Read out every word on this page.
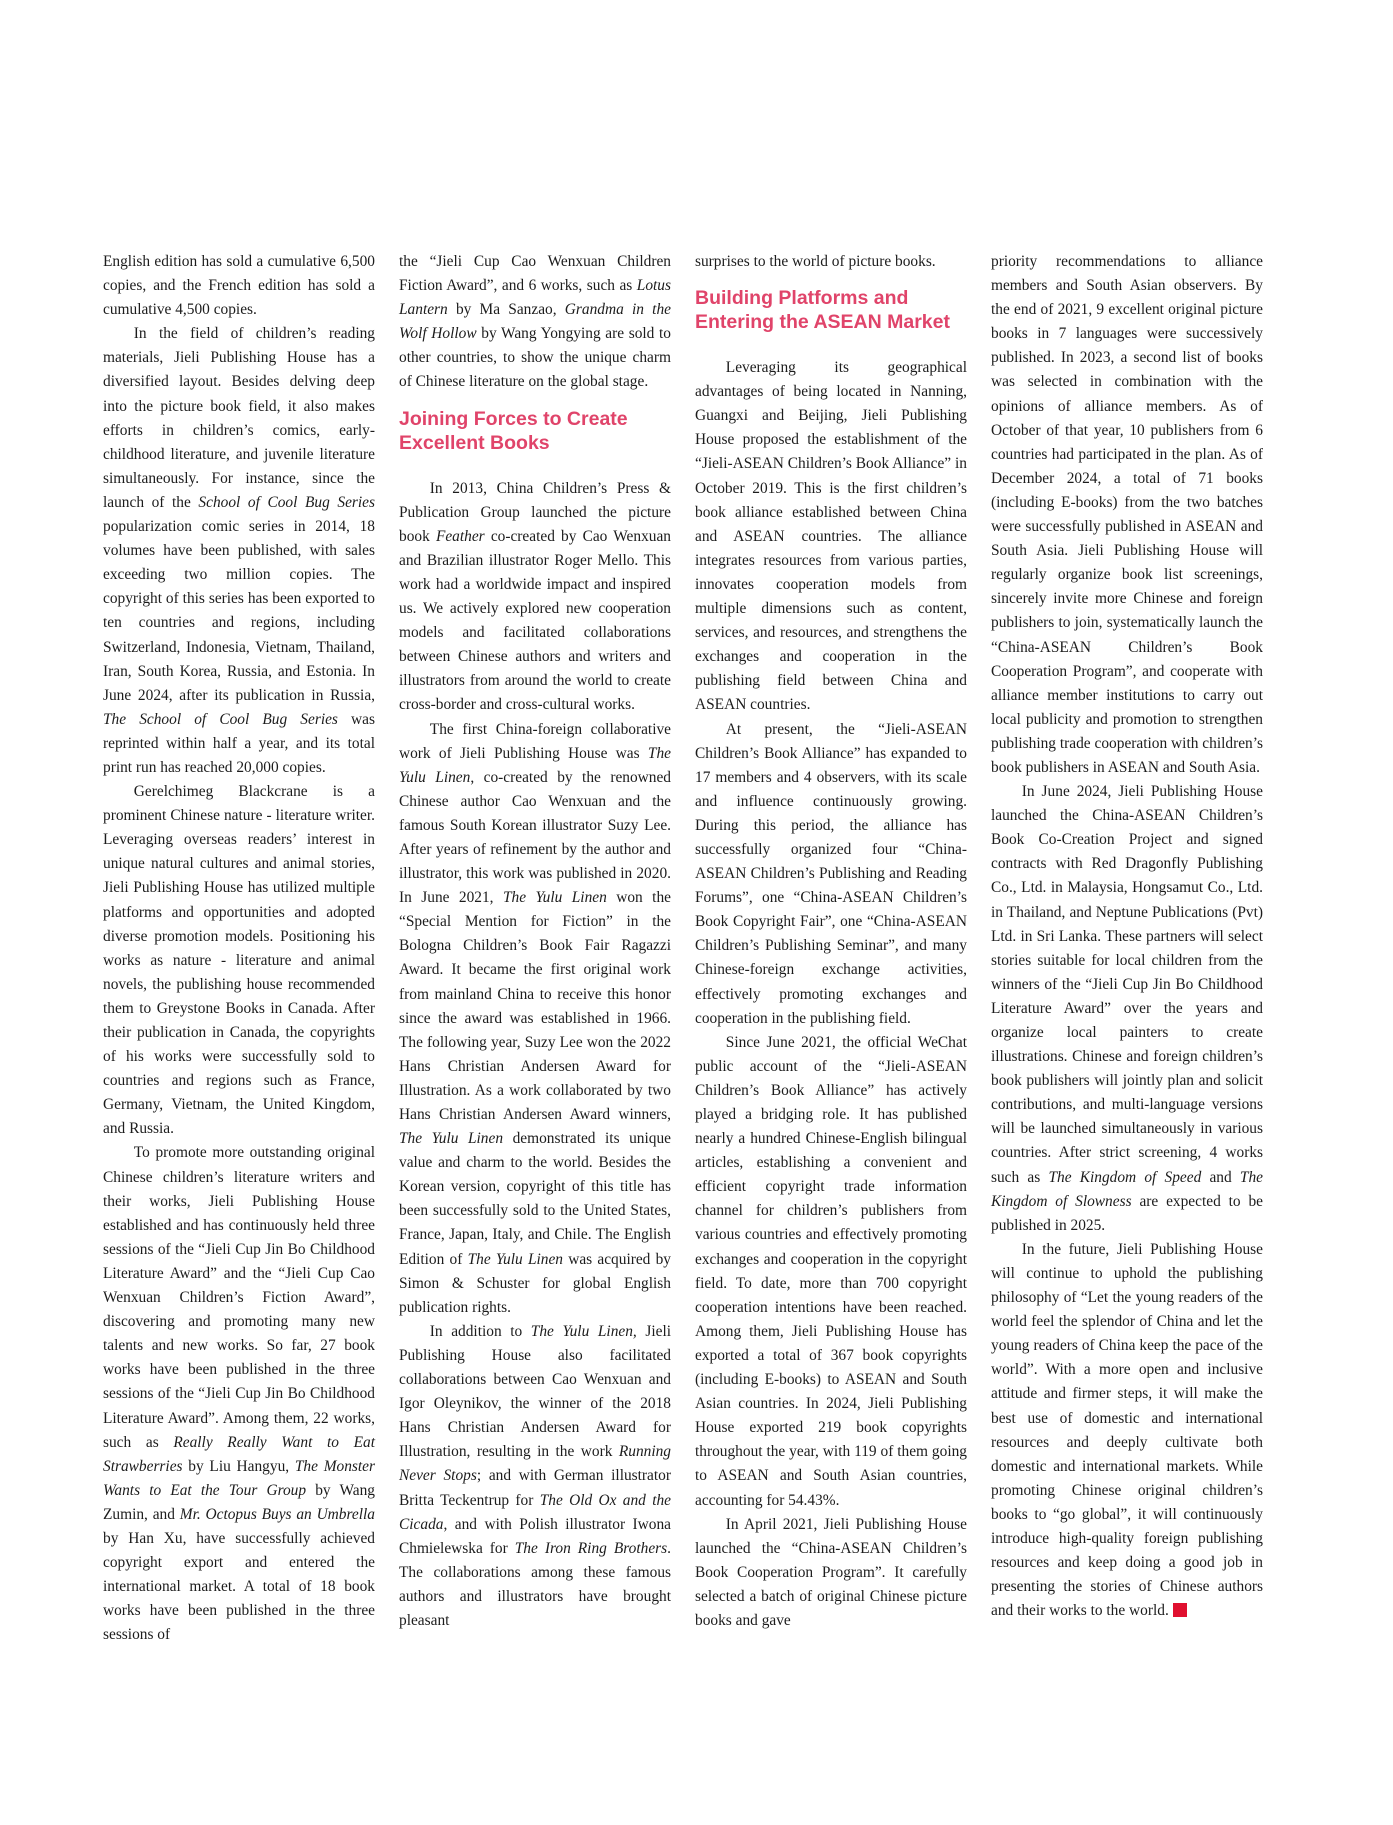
English edition has sold a cumulative 6,500 copies, and the French edition has sold a cumulative 4,500 copies.

In the field of children’s reading materials, Jieli Publishing House has a diversified layout. Besides delving deep into the picture book field, it also makes efforts in children’s comics, early-childhood literature, and juvenile literature simultaneously. For instance, since the launch of the School of Cool Bug Series popularization comic series in 2014, 18 volumes have been published, with sales exceeding two million copies. The copyright of this series has been exported to ten countries and regions, including Switzerland, Indonesia, Vietnam, Thailand, Iran, South Korea, Russia, and Estonia. In June 2024, after its publication in Russia, The School of Cool Bug Series was reprinted within half a year, and its total print run has reached 20,000 copies.

Gerelchimeg Blackcrane is a prominent Chinese nature - literature writer. Leveraging overseas readers’ interest in unique natural cultures and animal stories, Jieli Publishing House has utilized multiple platforms and opportunities and adopted diverse promotion models. Positioning his works as nature - literature and animal novels, the publishing house recommended them to Greystone Books in Canada. After their publication in Canada, the copyrights of his works were successfully sold to countries and regions such as France, Germany, Vietnam, the United Kingdom, and Russia.

To promote more outstanding original Chinese children’s literature writers and their works, Jieli Publishing House established and has continuously held three sessions of the “Jieli Cup Jin Bo Childhood Literature Award” and the “Jieli Cup Cao Wenxuan Children’s Fiction Award”, discovering and promoting many new talents and new works. So far, 27 book works have been published in the three sessions of the “Jieli Cup Jin Bo Childhood Literature Award”. Among them, 22 works, such as Really Really Want to Eat Strawberries by Liu Hangyu, The Monster Wants to Eat the Tour Group by Wang Zumin, and Mr. Octopus Buys an Umbrella by Han Xu, have successfully achieved copyright export and entered the international market. A total of 18 book works have been published in the three sessions of

the “Jieli Cup Cao Wenxuan Children Fiction Award”, and 6 works, such as Lotus Lantern by Ma Sanzao, Grandma in the Wolf Hollow by Wang Yongying are sold to other countries, to show the unique charm of Chinese literature on the global stage.

Joining Forces to Create Excellent Books

In 2013, China Children’s Press & Publication Group launched the picture book Feather co-created by Cao Wenxuan and Brazilian illustrator Roger Mello. This work had a worldwide impact and inspired us. We actively explored new cooperation models and facilitated collaborations between Chinese authors and writers and illustrators from around the world to create cross-border and cross-cultural works.

The first China-foreign collaborative work of Jieli Publishing House was The Yulu Linen, co-created by the renowned Chinese author Cao Wenxuan and the famous South Korean illustrator Suzy Lee. After years of refinement by the author and illustrator, this work was published in 2020. In June 2021, The Yulu Linen won the “Special Mention for Fiction” in the Bologna Children’s Book Fair Ragazzi Award. It became the first original work from mainland China to receive this honor since the award was established in 1966. The following year, Suzy Lee won the 2022 Hans Christian Andersen Award for Illustration. As a work collaborated by two Hans Christian Andersen Award winners, The Yulu Linen demonstrated its unique value and charm to the world. Besides the Korean version, copyright of this title has been successfully sold to the United States, France, Japan, Italy, and Chile. The English Edition of The Yulu Linen was acquired by Simon & Schuster for global English publication rights.

In addition to The Yulu Linen, Jieli Publishing House also facilitated collaborations between Cao Wenxuan and Igor Oleynikov, the winner of the 2018 Hans Christian Andersen Award for Illustration, resulting in the work Running Never Stops; and with German illustrator Britta Teckentrup for The Old Ox and the Cicada, and with Polish illustrator Iwona Chmielewska for The Iron Ring Brothers. The collaborations among these famous authors and illustrators have brought pleasant

surprises to the world of picture books.

Building Platforms and Entering the ASEAN Market

Leveraging its geographical advantages of being located in Nanning, Guangxi and Beijing, Jieli Publishing House proposed the establishment of the “Jieli-ASEAN Children’s Book Alliance” in October 2019. This is the first children’s book alliance established between China and ASEAN countries. The alliance integrates resources from various parties, innovates cooperation models from multiple dimensions such as content, services, and resources, and strengthens the exchanges and cooperation in the publishing field between China and ASEAN countries.

At present, the “Jieli-ASEAN Children’s Book Alliance” has expanded to 17 members and 4 observers, with its scale and influence continuously growing. During this period, the alliance has successfully organized four “China-ASEAN Children’s Publishing and Reading Forums”, one “China-ASEAN Children’s Book Copyright Fair”, one “China-ASEAN Children’s Publishing Seminar”, and many Chinese-foreign exchange activities, effectively promoting exchanges and cooperation in the publishing field.

Since June 2021, the official WeChat public account of the “Jieli-ASEAN Children’s Book Alliance” has actively played a bridging role. It has published nearly a hundred Chinese-English bilingual articles, establishing a convenient and efficient copyright trade information channel for children’s publishers from various countries and effectively promoting exchanges and cooperation in the copyright field. To date, more than 700 copyright cooperation intentions have been reached. Among them, Jieli Publishing House has exported a total of 367 book copyrights (including E-books) to ASEAN and South Asian countries. In 2024, Jieli Publishing House exported 219 book copyrights throughout the year, with 119 of them going to ASEAN and South Asian countries, accounting for 54.43%.

In April 2021, Jieli Publishing House launched the “China-ASEAN Children’s Book Cooperation Program”. It carefully selected a batch of original Chinese picture books and gave

priority recommendations to alliance members and South Asian observers. By the end of 2021, 9 excellent original picture books in 7 languages were successively published. In 2023, a second list of books was selected in combination with the opinions of alliance members. As of October of that year, 10 publishers from 6 countries had participated in the plan. As of December 2024, a total of 71 books (including E-books) from the two batches were successfully published in ASEAN and South Asia. Jieli Publishing House will regularly organize book list screenings, sincerely invite more Chinese and foreign publishers to join, systematically launch the “China-ASEAN Children’s Book Cooperation Program”, and cooperate with alliance member institutions to carry out local publicity and promotion to strengthen publishing trade cooperation with children’s book publishers in ASEAN and South Asia.

In June 2024, Jieli Publishing House launched the China-ASEAN Children’s Book Co-Creation Project and signed contracts with Red Dragonfly Publishing Co., Ltd. in Malaysia, Hongsamut Co., Ltd. in Thailand, and Neptune Publications (Pvt) Ltd. in Sri Lanka. These partners will select stories suitable for local children from the winners of the “Jieli Cup Jin Bo Childhood Literature Award” over the years and organize local painters to create illustrations. Chinese and foreign children’s book publishers will jointly plan and solicit contributions, and multi-language versions will be launched simultaneously in various countries. After strict screening, 4 works such as The Kingdom of Speed and The Kingdom of Slowness are expected to be published in 2025.

In the future, Jieli Publishing House will continue to uphold the publishing philosophy of “Let the young readers of the world feel the splendor of China and let the young readers of China keep the pace of the world”. With a more open and inclusive attitude and firmer steps, it will make the best use of domestic and international resources and deeply cultivate both domestic and international markets. While promoting Chinese original children’s books to “go global”, it will continuously introduce high-quality foreign publishing resources and keep doing a good job in presenting the stories of Chinese authors and their works to the world.
